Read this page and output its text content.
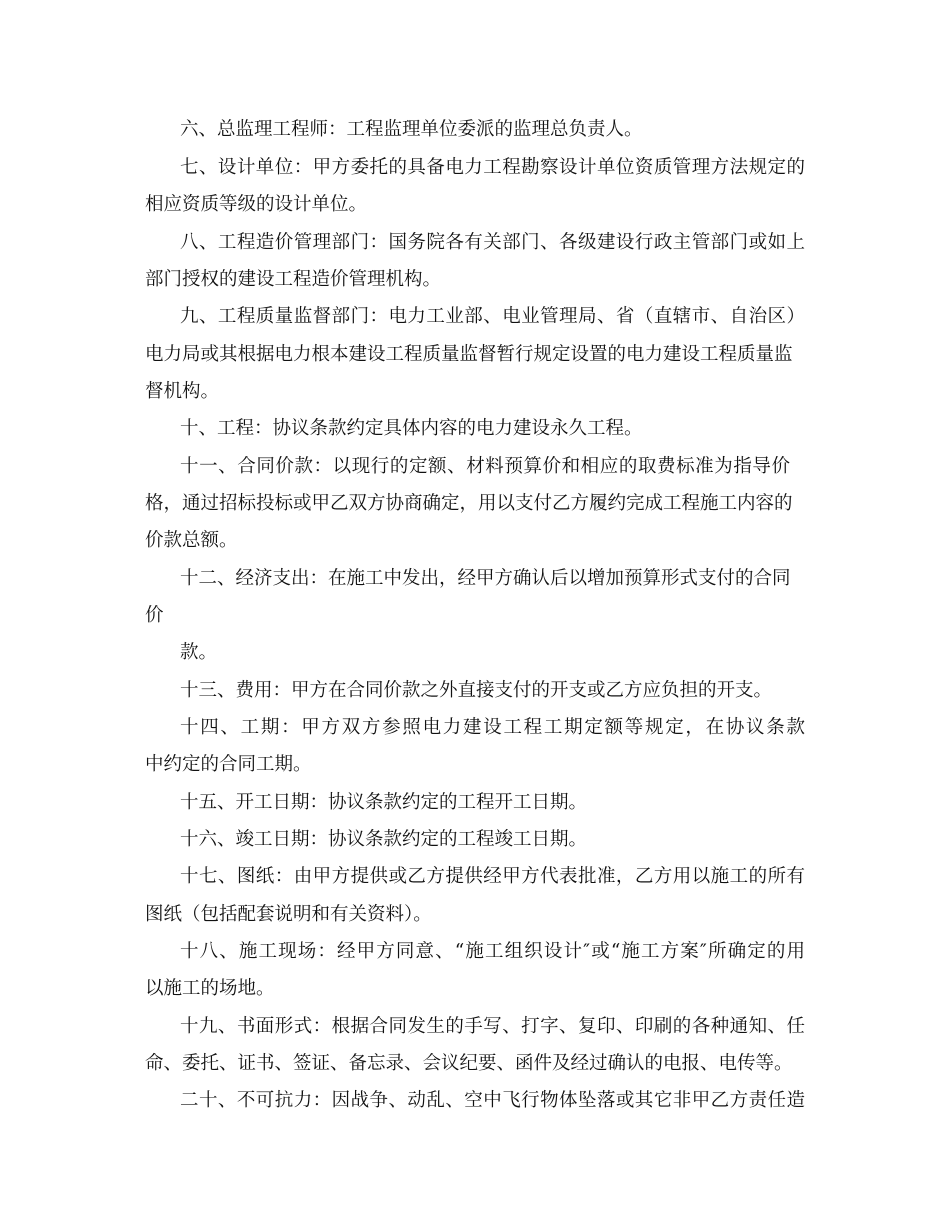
六、总监理工程师：工程监理单位委派的监理总负责人。
七、设计单位：甲方委托的具备电力工程勘察设计单位资质管理方法规定的
相应资质等级的设计单位。
八、工程造价管理部门：国务院各有关部门、各级建设行政主管部门或如上
部门授权的建设工程造价管理机构。
九、工程质量监督部门：电力工业部、电业管理局、省（直辖市、自治区）
电力局或其根据电力根本建设工程质量监督暂行规定设置的电力建设工程质量监
督机构。
十、工程：协议条款约定具体内容的电力建设永久工程。
十一、合同价款：以现行的定额、材料预算价和相应的取费标准为指导价
格，通过招标投标或甲乙双方协商确定，用以支付乙方履约完成工程施工内容的
价款总额。
十二、经济支出：在施工中发出，经甲方确认后以增加预算形式支付的合同
价
款。
十三、费用：甲方在合同价款之外直接支付的开支或乙方应负担的开支。
十四、工期：甲方双方参照电力建设工程工期定额等规定，在协议条款
中约定的合同工期。
十五、开工日期：协议条款约定的工程开工日期。
十六、竣工日期：协议条款约定的工程竣工日期。
十七、图纸：由甲方提供或乙方提供经甲方代表批准，乙方用以施工的所有
图纸（包括配套说明和有关资料）。
十八、施工现场：经甲方同意、“施工组织设计″或“施工方案″所确定的用
以施工的场地。
十九、书面形式：根据合同发生的手写、打字、复印、印刷的各种通知、任
命、委托、证书、签证、备忘录、会议纪要、函件及经过确认的电报、电传等。
二十、不可抗力：因战争、动乱、空中飞行物体坠落或其它非甲乙方责任造
